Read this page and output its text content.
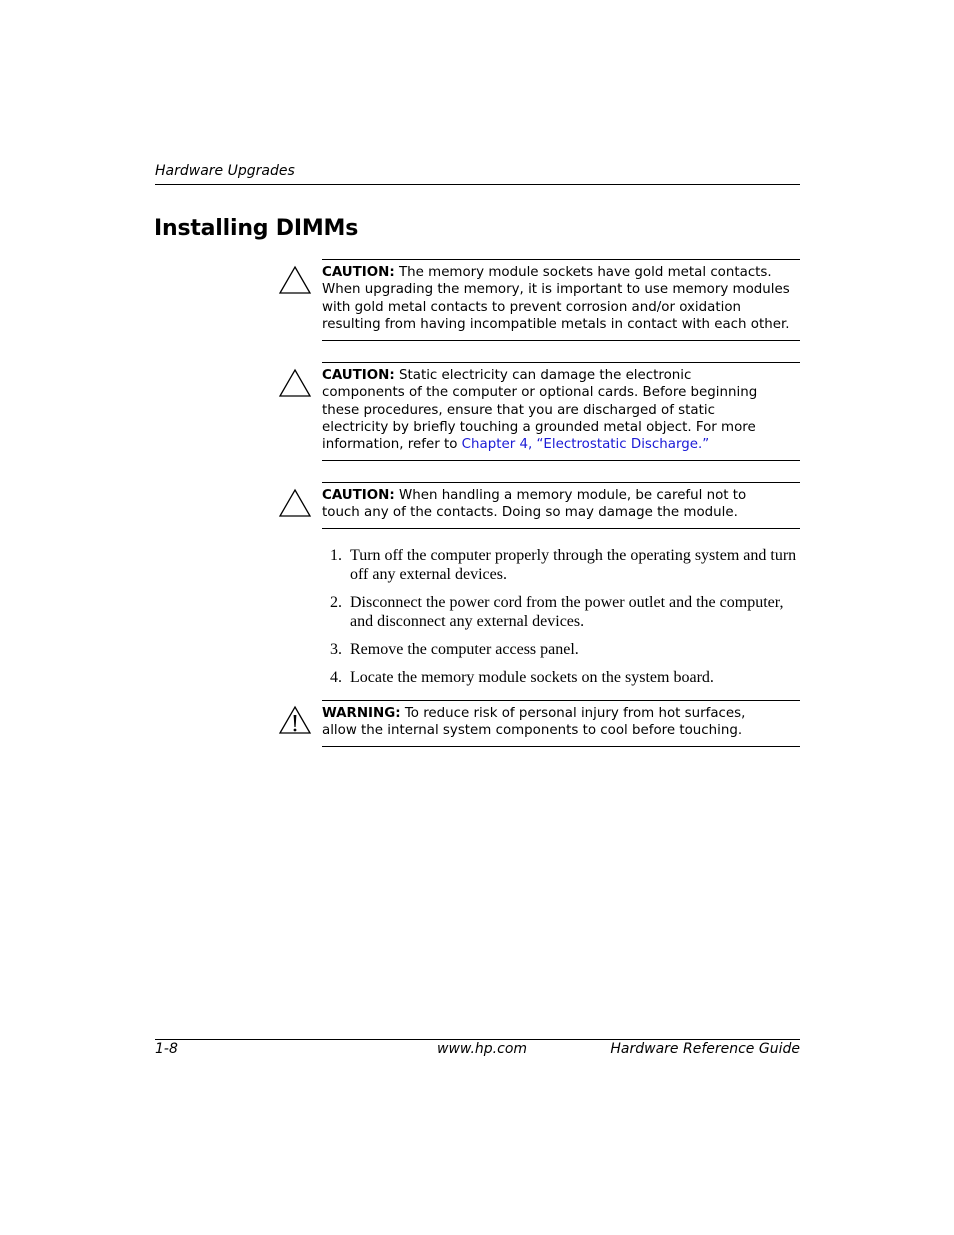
Hardware Upgrades
Installing DIMMs
CAUTION: The memory module sockets have gold metal contacts. When upgrading the memory, it is important to use memory modules with gold metal contacts to prevent corrosion and/or oxidation resulting from having incompatible metals in contact with each other.
CAUTION: Static electricity can damage the electronic components of the computer or optional cards. Before beginning these procedures, ensure that you are discharged of static electricity by briefly touching a grounded metal object. For more information, refer to Chapter 4, “Electrostatic Discharge.”
CAUTION: When handling a memory module, be careful not to touch any of the contacts. Doing so may damage the module.
1. Turn off the computer properly through the operating system and turn off any external devices.
2. Disconnect the power cord from the power outlet and the computer, and disconnect any external devices.
3. Remove the computer access panel.
4. Locate the memory module sockets on the system board.
WARNING: To reduce risk of personal injury from hot surfaces, allow the internal system components to cool before touching.
1-8	www.hp.com	Hardware Reference Guide
